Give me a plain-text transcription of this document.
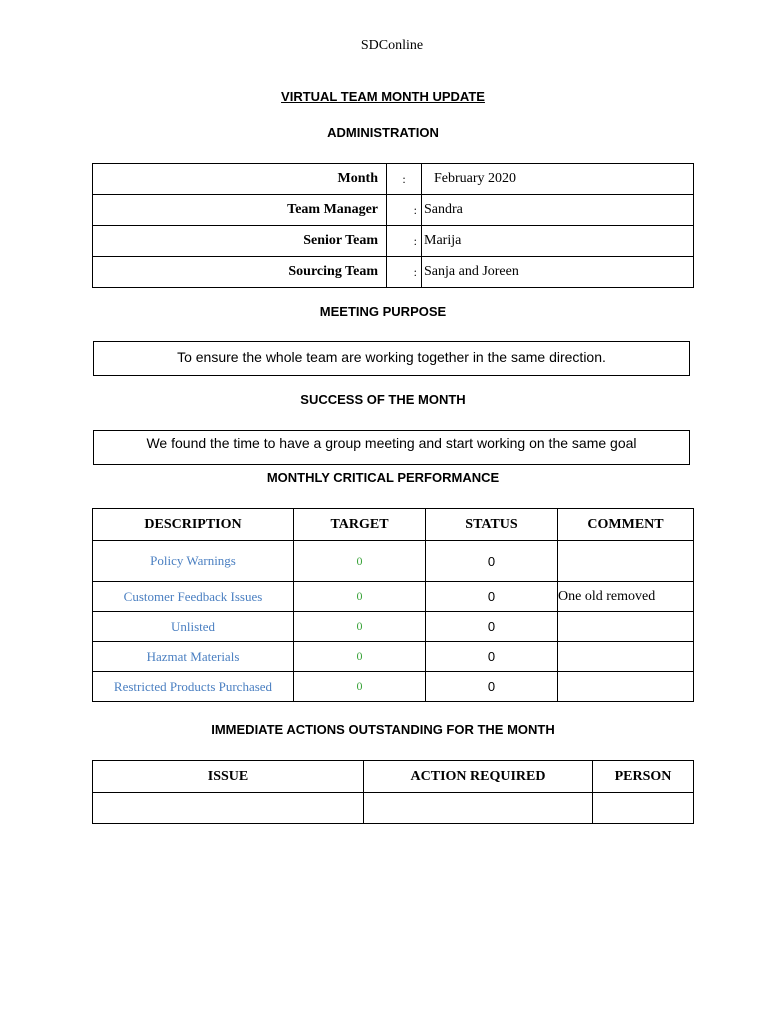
SDConline
VIRTUAL TEAM MONTH UPDATE
ADMINISTRATION
Month	:	February 2020
Team Manager	:	Sandra
Senior Team	:	Marija
Sourcing Team	:	Sanja and Joreen
MEETING PURPOSE
To ensure the whole team are working together in the same direction.
SUCCESS OF THE MONTH
We found the time to have a group meeting and start working on the same goal
MONTHLY CRITICAL PERFORMANCE
DESCRIPTION	TARGET	STATUS	COMMENT
Policy Warnings	0	0	
Customer Feedback Issues	0	0	One old removed
Unlisted	0	0	
Hazmat Materials	0	0	
Restricted Products Purchased	0	0	
IMMEDIATE ACTIONS OUTSTANDING FOR THE MONTH
ISSUE	ACTION REQUIRED	PERSON
